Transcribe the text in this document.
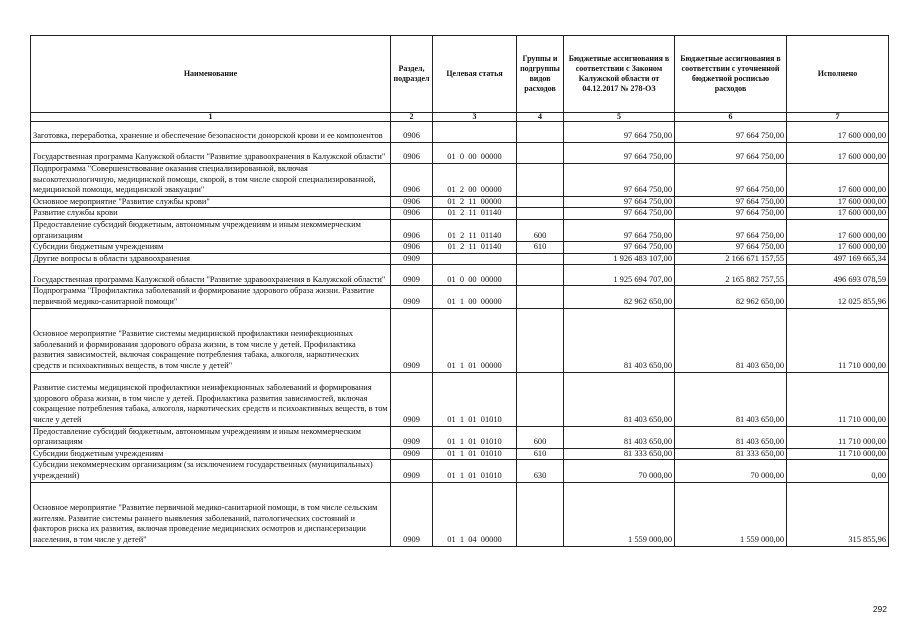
Наименование	Раздел, подраздел	Целевая статья	Группы и подгруппы видов расходов	Бюджетные ассигнования в соответствии с Законом Калужской области от 04.12.2017 № 278-ОЗ	Бюджетные ассигнования в соответствии с уточненной бюджетной росписью расходов	Исполнено
1	2	3	4	5	6	7
Заготовка, переработка, хранение и обеспечение безопасности донорской крови и ее компонентов	0906			97 664 750,00	97 664 750,00	17 600 000,00
Государственная программа Калужской области "Развитие здравоохранения в Калужской области"	0906	01  0  00  00000		97 664 750,00	97 664 750,00	17 600 000,00
Подпрограмма "Совершенствование оказания специализированной, включая высокотехнологичную, медицинской помощи, скорой, в том числе скорой специализированной, медицинской помощи, медицинской эвакуации"	0906	01  2  00  00000		97 664 750,00	97 664 750,00	17 600 000,00
Основное мероприятие "Развитие службы крови"	0906	01  2  11  00000		97 664 750,00	97 664 750,00	17 600 000,00
Развитие службы крови	0906	01  2  11  01140		97 664 750,00	97 664 750,00	17 600 000,00
Предоставление субсидий бюджетным, автономным учреждениям и иным некоммерческим организациям	0906	01  2  11  01140	600	97 664 750,00	97 664 750,00	17 600 000,00
Субсидии бюджетным учреждениям	0906	01  2  11  01140	610	97 664 750,00	97 664 750,00	17 600 000,00
Другие вопросы в области здравоохранения	0909			1 926 483 107,00	2 166 671 157,55	497 169 665,34
Государственная программа Калужской области "Развитие здравоохранения в Калужской области"	0909	01  0  00  00000		1 925 694 707,00	2 165 882 757,55	496 693 078,59
Подпрограмма "Профилактика заболеваний и формирование здорового образа жизни. Развитие первичной медико-санитарной помощи"	0909	01  1  00  00000		82 962 650,00	82 962 650,00	12 025 855,96
Основное мероприятие "Развитие системы медицинской профилактики неинфекционных заболеваний и формирования здорового образа жизни, в том числе у детей. Профилактика развития зависимостей, включая сокращение потребления табака, алкоголя, наркотических средств и психоактивных веществ, в том числе у детей"	0909	01  1  01  00000		81 403 650,00	81 403 650,00	11 710 000,00
Развитие системы медицинской профилактики неинфекционных заболеваний и формирования здорового образа жизни, в том числе у детей. Профилактика развития зависимостей, включая сокращение потребления табака, алкоголя, наркотических средств и психоактивных веществ, в том числе у детей	0909	01  1  01  01010		81 403 650,00	81 403 650,00	11 710 000,00
Предоставление субсидий бюджетным, автономным учреждениям и иным некоммерческим организациям	0909	01  1  01  01010	600	81 403 650,00	81 403 650,00	11 710 000,00
Субсидии бюджетным учреждениям	0909	01  1  01  01010	610	81 333 650,00	81 333 650,00	11 710 000,00
Субсидии некоммерческим организациям (за исключением государственных (муниципальных) учреждений)	0909	01  1  01  01010	630	70 000,00	70 000,00	0,00
Основное мероприятие "Развитие первичной медико-санитарной помощи, в том числе сельским жителям. Развитие системы раннего выявления заболеваний, патологических состояний и факторов риска их развития, включая проведение медицинских осмотров и диспансеризации населения, в том числе у детей"	0909	01  1  04  00000		1 559 000,00	1 559 000,00	315 855,96
292
